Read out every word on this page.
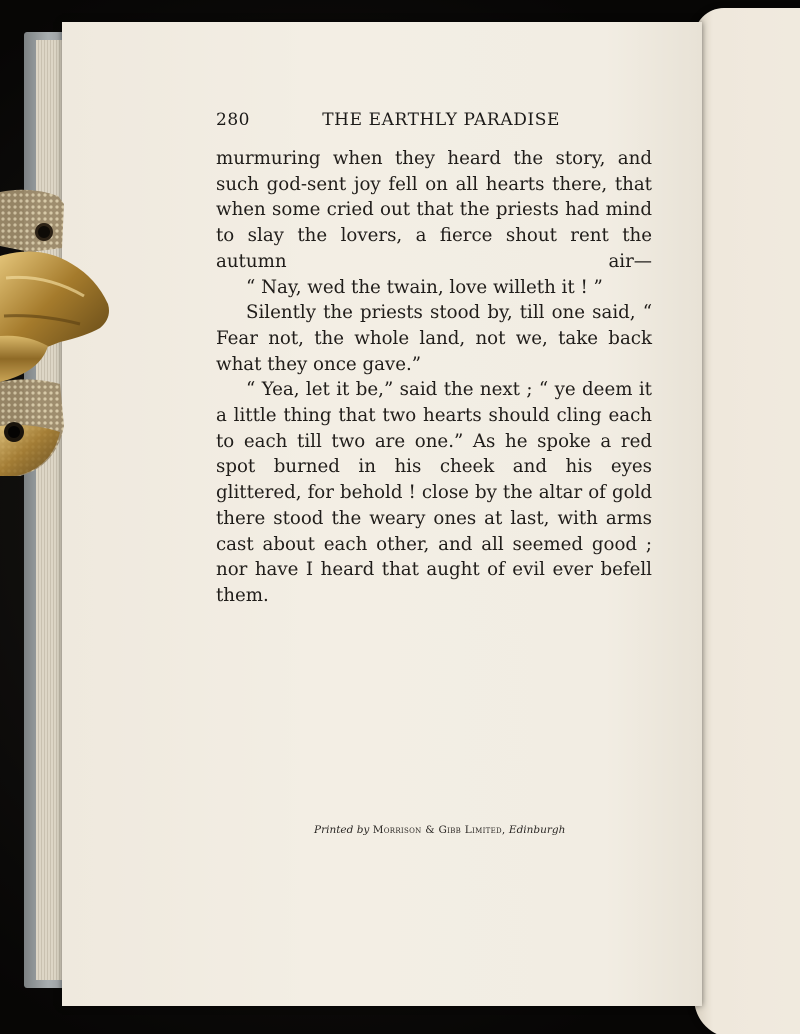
280	THE EARTHLY PARADISE

murmuring when they heard the story, and such god-sent joy fell on all hearts there, that when some cried out that the priests had mind to slay the lovers, a fierce shout rent the autumn air—

“ Nay, wed the twain, love willeth it ! ”

Silently the priests stood by, till one said, “ Fear not, the whole land, not we, take back what they once gave.”

“ Yea, let it be,” said the next ; “ ye deem it a little thing that two hearts should cling each to each till two are one.” As he spoke a red spot burned in his cheek and his eyes glittered, for behold ! close by the altar of gold there stood the weary ones at last, with arms cast about each other, and all seemed good ; nor have I heard that aught of evil ever befell them.

Printed by Morrison & Gibb Limited, Edinburgh
